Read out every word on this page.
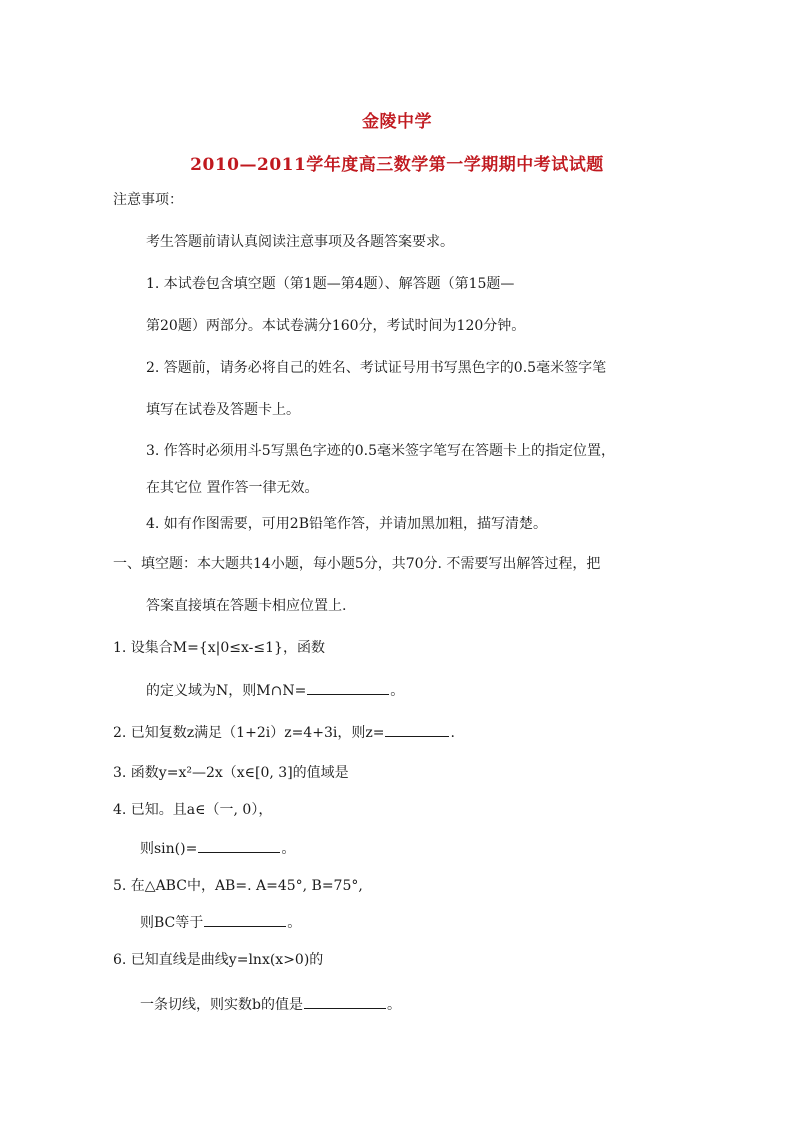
金陵中学
2010—2011学年度高三数学第一学期期中考试试题
注意事项：
考生答题前请认真阅读注意事项及各题答案要求。
1. 本试卷包含填空题（第1题—第4题）、解答题（第15题—
第20题）两部分。本试卷满分160分，考试时间为120分钟。
2. 答题前，请务必将自己的姓名、考试证号用书写黑色字的0.5毫米签字笔
填写在试卷及答题卡上。
3. 作答时必须用斗5写黑色字迹的0.5毫米签字笔写在答题卡上的指定位置，
在其它位 置作答一律无效。
4. 如有作图需要，可用2B铅笔作答，并请加黑加粗，描写清楚。
一、填空题：本大题共14小题，每小题5分，共70分. 不需要写出解答过程，把
答案直接填在答题卡相应位置上.
1. 设集合M={x|0≤x-≤1}，函数
的定义域为N，则M∩N=	。
2. 已知复数z满足（1+2i）z=4+3i，则z=	.
3. 函数y=x²—2x（x∈[0, 3]的值域是
4. 已知。且a∈（一, 0），
则sin()=	。
5. 在△ABC中，AB=. A=45°, B=75°,
则BC等于	。
6. 已知直线是曲线y=lnx(x>0)的
一条切线，则实数b的值是	。
